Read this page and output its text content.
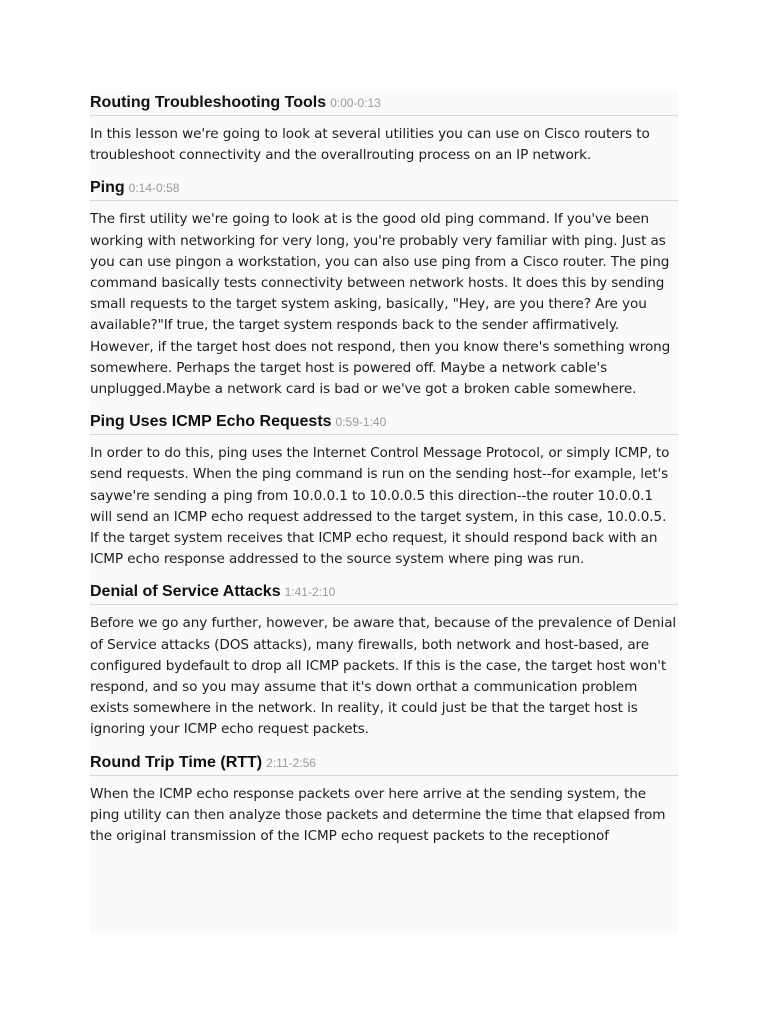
Routing Troubleshooting Tools 0:00-0:13

In this lesson we're going to look at several utilities you can use on Cisco routers to troubleshoot connectivity and the overallrouting process on an IP network.

Ping 0:14-0:58

The first utility we're going to look at is the good old ping command. If you've been working with networking for very long, you're probably very familiar with ping. Just as you can use pingon a workstation, you can also use ping from a Cisco router. The ping command basically tests connectivity between network hosts. It does this by sending small requests to the target system asking, basically, "Hey, are you there? Are you available?"If true, the target system responds back to the sender affirmatively. However, if the target host does not respond, then you know there's something wrong somewhere. Perhaps the target host is powered off. Maybe a network cable's unplugged.Maybe a network card is bad or we've got a broken cable somewhere.

Ping Uses ICMP Echo Requests 0:59-1:40

In order to do this, ping uses the Internet Control Message Protocol, or simply ICMP, to send requests. When the ping command is run on the sending host--for example, let's saywe're sending a ping from 10.0.0.1 to 10.0.0.5 this direction--the router 10.0.0.1 will send an ICMP echo request addressed to the target system, in this case, 10.0.0.5. If the target system receives that ICMP echo request, it should respond back with an ICMP echo response addressed to the source system where ping was run.

Denial of Service Attacks 1:41-2:10

Before we go any further, however, be aware that, because of the prevalence of Denial of Service attacks (DOS attacks), many firewalls, both network and host-based, are configured bydefault to drop all ICMP packets. If this is the case, the target host won't respond, and so you may assume that it's down orthat a communication problem exists somewhere in the network. In reality, it could just be that the target host is ignoring your ICMP echo request packets.

Round Trip Time (RTT) 2:11-2:56

When the ICMP echo response packets over here arrive at the sending system, the ping utility can then analyze those packets and determine the time that elapsed from the original transmission of the ICMP echo request packets to the receptionof
